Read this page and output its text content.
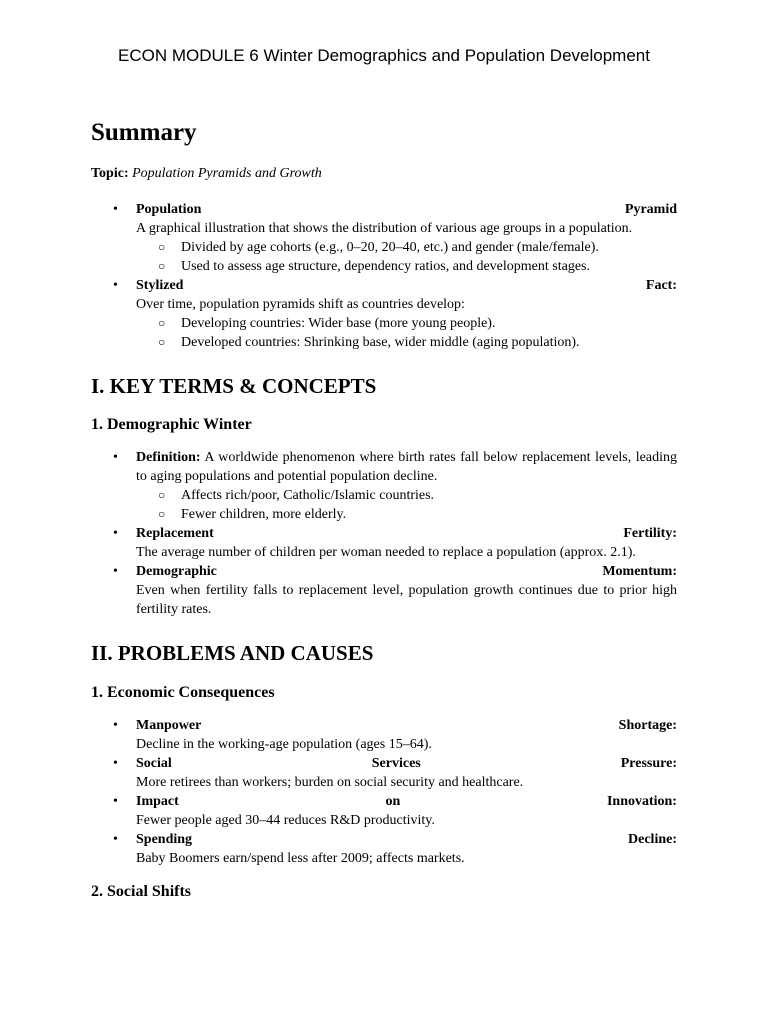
ECON MODULE 6 Winter Demographics and Population Development
Summary

Topic: Population Pyramids and Growth

• Population	Pyramid
A graphical illustration that shows the distribution of various age groups in a population.
○ Divided by age cohorts (e.g., 0–20, 20–40, etc.) and gender (male/female).
○ Used to assess age structure, dependency ratios, and development stages.
• Stylized	Fact:
Over time, population pyramids shift as countries develop:
○ Developing countries: Wider base (more young people).
○ Developed countries: Shrinking base, wider middle (aging population).
I. KEY TERMS & CONCEPTS
1. Demographic Winter
• Definition: A worldwide phenomenon where birth rates fall below replacement levels, leading to aging populations and potential population decline.
○ Affects rich/poor, Catholic/Islamic countries.
○ Fewer children, more elderly.
• Replacement	Fertility:
The average number of children per woman needed to replace a population (approx. 2.1).
• Demographic	Momentum:
Even when fertility falls to replacement level, population growth continues due to prior high fertility rates.
II. PROBLEMS AND CAUSES
1. Economic Consequences
• Manpower	Shortage:
Decline in the working-age population (ages 15–64).
• Social	Services	Pressure:
More retirees than workers; burden on social security and healthcare.
• Impact	on	Innovation:
Fewer people aged 30–44 reduces R&D productivity.
• Spending	Decline:
Baby Boomers earn/spend less after 2009; affects markets.
2. Social Shifts
